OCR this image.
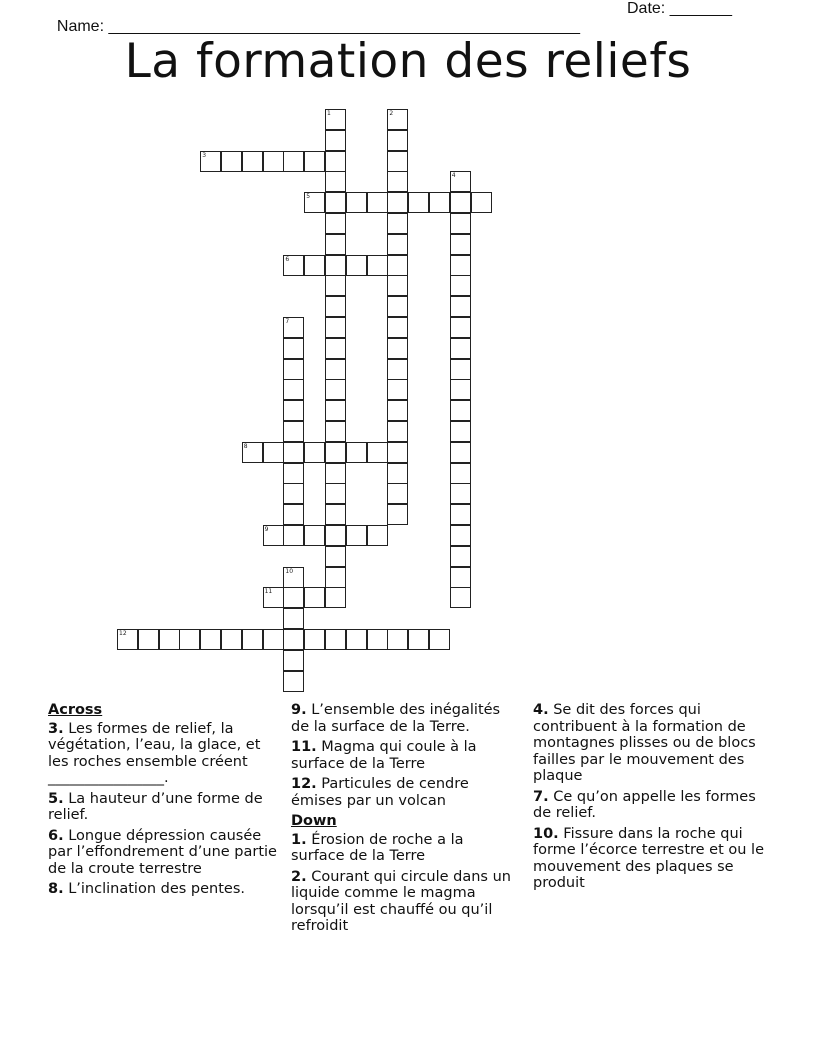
Name: _____________________________________________________

Date: _______

La formation des reliefs
1	2
3
4
5
6
7
8
9
10
11
12
Across
3. Les formes de relief, la végétation, l’eau, la glace, et les roches ensemble créent ________________.
5. La hauteur d’une forme de relief.
6. Longue dépression causée par l’effondrement d’une partie de la croute terrestre
8. L’inclination des pentes.
9. L’ensemble des inégalités de la surface de la Terre.
11. Magma qui coule à la surface de la Terre
12. Particules de cendre émises par un volcan
Down
1. Érosion de roche a la surface de la Terre
2. Courant qui circule dans un liquide comme le magma lorsqu’il est chauffé ou qu’il refroidit
4. Se dit des forces qui contribuent à la formation de montagnes plisses ou de blocs failles par le mouvement des plaque
7. Ce qu’on appelle les formes de relief.
10. Fissure dans la roche qui forme l’écorce terrestre et ou le mouvement des plaques se produit
